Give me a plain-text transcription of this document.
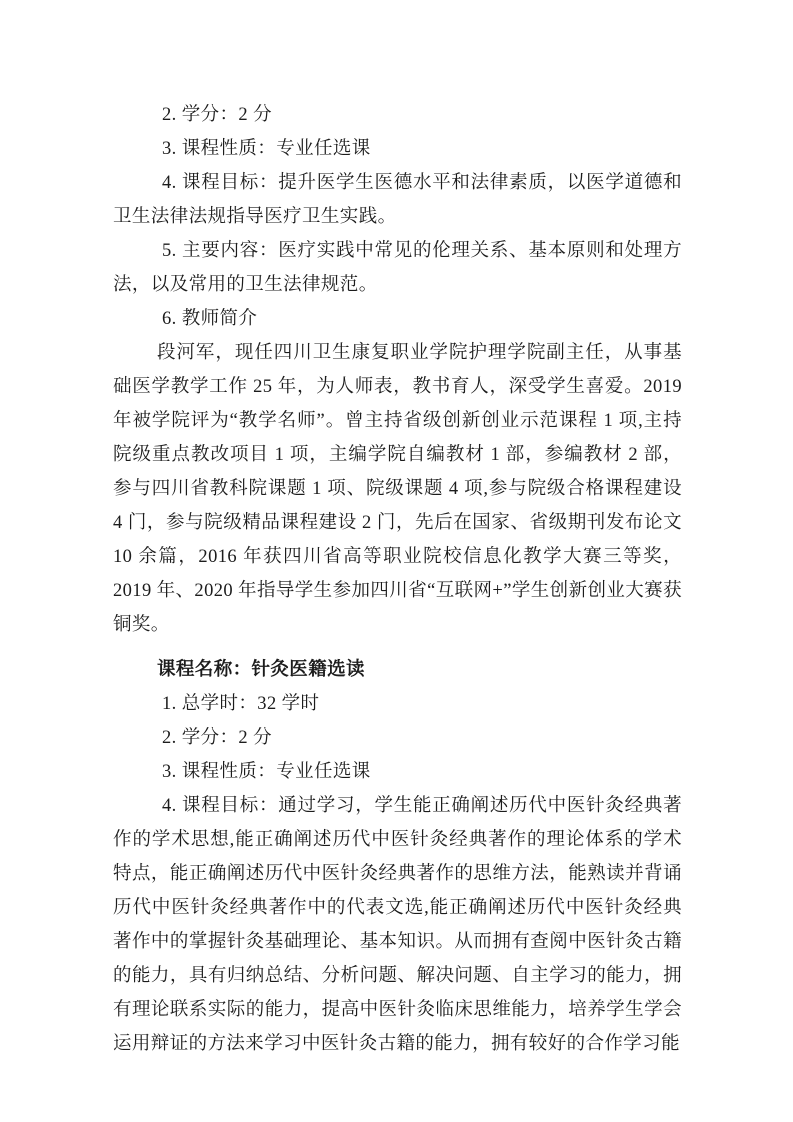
2. 学分：2 分

3. 课程性质：专业任选课

4. 课程目标：提升医学生医德水平和法律素质，以医学道德和卫生法律法规指导医疗卫生实践。

5. 主要内容：医疗实践中常见的伦理关系、基本原则和处理方法，以及常用的卫生法律规范。

6. 教师简介

段河军，现任四川卫生康复职业学院护理学院副主任，从事基础医学教学工作 25 年，为人师表，教书育人，深受学生喜爱。2019 年被学院评为“教学名师”。曾主持省级创新创业示范课程 1 项,主持院级重点教改项目 1 项，主编学院自编教材 1 部，参编教材 2 部，参与四川省教科院课题 1 项、院级课题 4 项,参与院级合格课程建设 4 门，参与院级精品课程建设 2 门，先后在国家、省级期刊发布论文 10 余篇，2016 年获四川省高等职业院校信息化教学大赛三等奖，2019 年、2020 年指导学生参加四川省“互联网+”学生创新创业大赛获铜奖。

课程名称：针灸医籍选读

1. 总学时：32 学时

2. 学分：2 分

3. 课程性质：专业任选课

4. 课程目标：通过学习，学生能正确阐述历代中医针灸经典著作的学术思想,能正确阐述历代中医针灸经典著作的理论体系的学术特点，能正确阐述历代中医针灸经典著作的思维方法，能熟读并背诵历代中医针灸经典著作中的代表文选,能正确阐述历代中医针灸经典著作中的掌握针灸基础理论、基本知识。从而拥有查阅中医针灸古籍的能力，具有归纳总结、分析问题、解决问题、自主学习的能力，拥有理论联系实际的能力，提高中医针灸临床思维能力，培养学生学会运用辩证的方法来学习中医针灸古籍的能力，拥有较好的合作学习能
